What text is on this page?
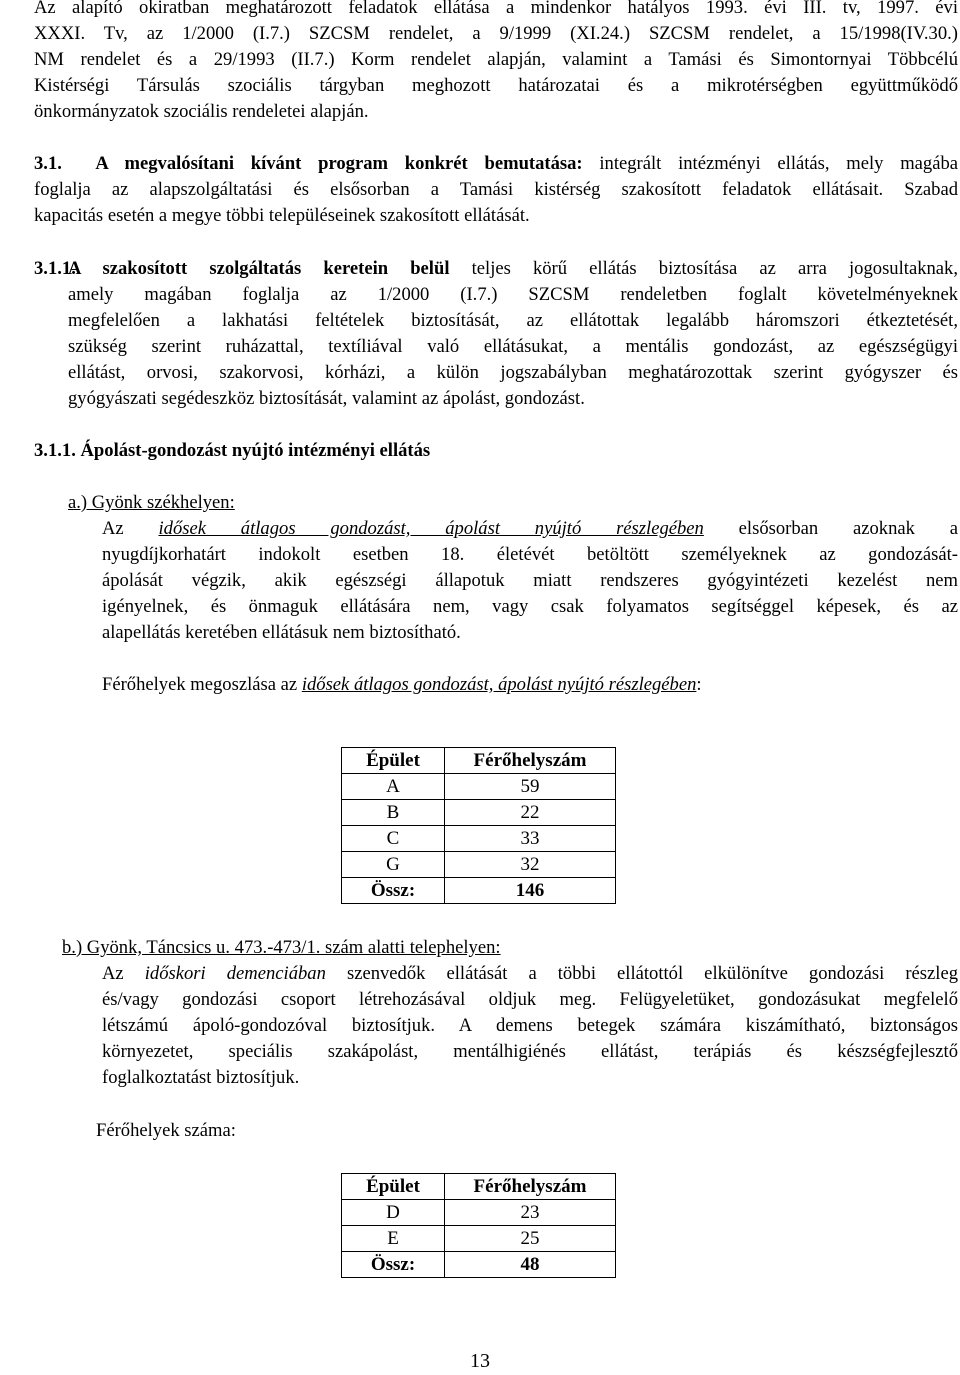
Az alapító okiratban meghatározott feladatok ellátása a mindenkor hatályos 1993. évi III. tv, 1997. évi
XXXI. Tv, az 1/2000 (I.7.) SZCSM rendelet, a 9/1999 (XI.24.) SZCSM rendelet, a 15/1998(IV.30.)
NM rendelet és a 29/1993 (II.7.) Korm rendelet alapján, valamint a Tamási és Simontornyai Többcélú
Kistérségi Társulás szociális tárgyban meghozott határozatai és a mikrotérségben együttműködő
önkormányzatok szociális rendeletei alapján.
3.1. A megvalósítani kívánt program konkrét bemutatása: integrált intézményi ellátás, mely magába
foglalja az alapszolgáltatási és elsősorban a Tamási kistérség szakosított feladatok ellátásait. Szabad
kapacitás esetén a megye többi településeinek szakosított ellátását.
3.1.1.
A szakosított szolgáltatás keretein belül teljes körű ellátás biztosítása az arra jogosultaknak,
amely magában foglalja az 1/2000 (I.7.) SZCSM rendeletben foglalt követelményeknek
megfelelően a lakhatási feltételek biztosítását, az ellátottak legalább háromszori étkeztetését,
szükség szerint ruházattal, textíliával való ellátásukat, a mentális gondozást, az egészségügyi
ellátást, orvosi, szakorvosi, kórházi, a külön jogszabályban meghatározottak szerint gyógyszer és
gyógyászati segédeszköz biztosítását, valamint az ápolást, gondozást.
3.1.1. Ápolást-gondozást nyújtó intézményi ellátás
a.) Gyönk székhelyen:
Az idősek átlagos gondozást, ápolást nyújtó részlegében elsősorban azoknak a
nyugdíjkorhatárt indokolt esetben 18. életévét betöltött személyeknek az gondozását-
ápolását végzik, akik egészségi állapotuk miatt rendszeres gyógyintézeti kezelést nem
igényelnek, és önmaguk ellátására nem, vagy csak folyamatos segítséggel képesek, és az
alapellátás keretében ellátásuk nem biztosítható.
Férőhelyek megoszlása az idősek átlagos gondozást, ápolást nyújtó részlegében:
Épület	Férőhelyszám
A	59
B	22
C	33
G	32
Össz:	146
b.) Gyönk, Táncsics u. 473.-473/1. szám alatti telephelyen:
Az időskori demenciában szenvedők ellátását a többi ellátottól elkülönítve gondozási részleg
és/vagy gondozási csoport létrehozásával oldjuk meg. Felügyeletüket, gondozásukat megfelelő
létszámú ápoló-gondozóval biztosítjuk. A demens betegek számára kiszámítható, biztonságos
környezetet, speciális szakápolást, mentálhigiénés ellátást, terápiás és készségfejlesztő
foglalkoztatást biztosítjuk.
Férőhelyek száma:
Épület	Férőhelyszám
D	23
E	25
Össz:	48
13
